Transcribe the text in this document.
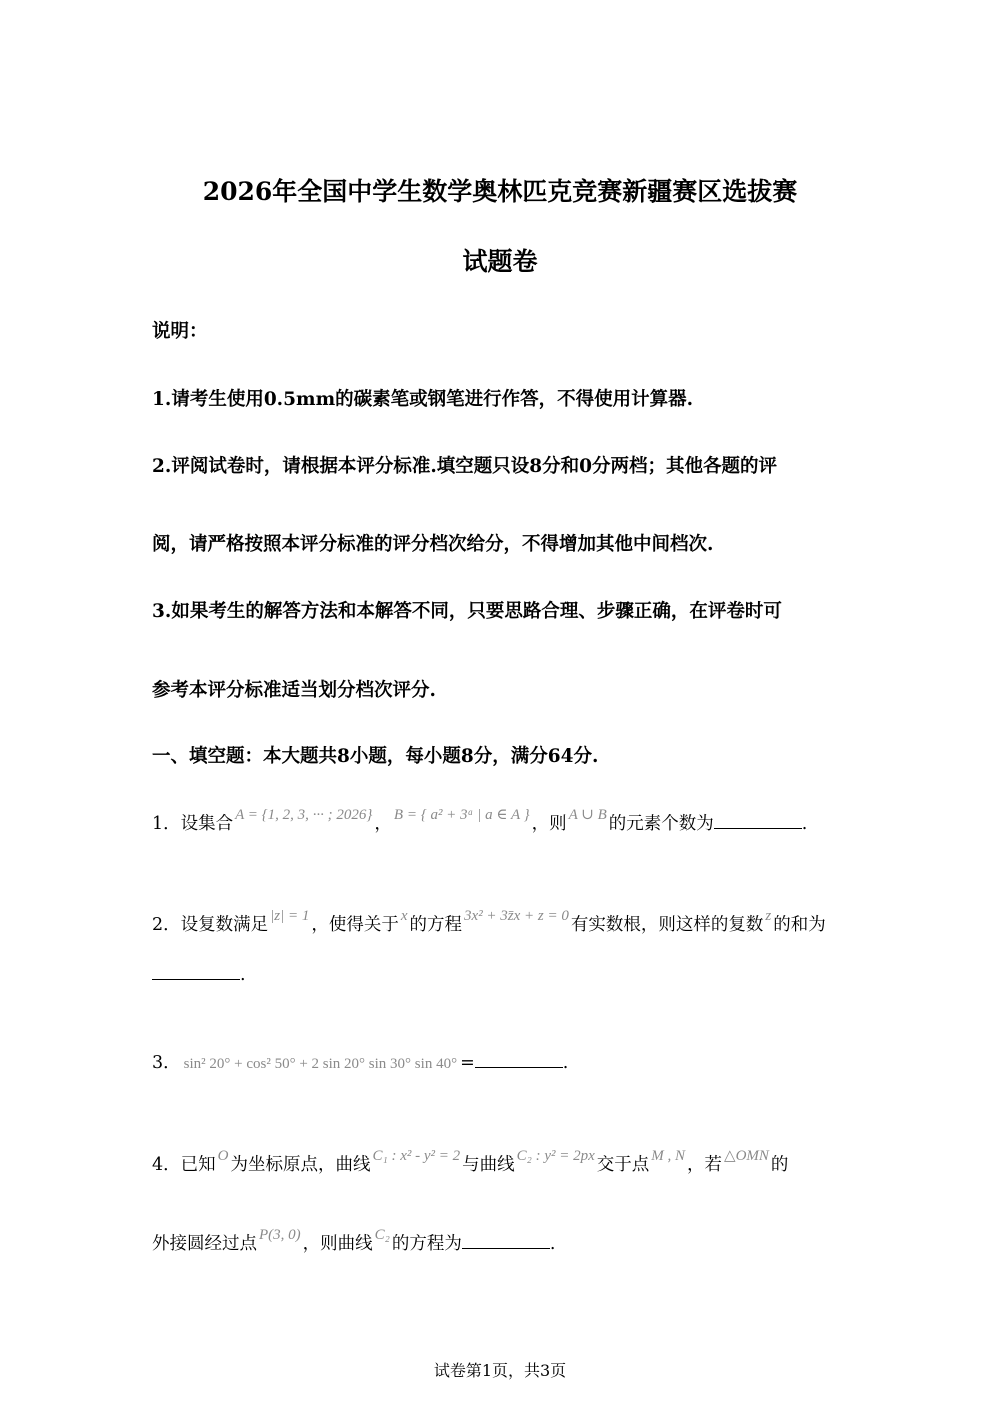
2026年全国中学生数学奥林匹克竞赛新疆赛区选拔赛
试题卷
说明：
1.请考生使用0.5mm的碳素笔或钢笔进行作答，不得使用计算器.
2.评阅试卷时，请根据本评分标准.填空题只设8分和0分两档；其他各题的评
阅，请严格按照本评分标准的评分档次给分，不得增加其他中间档次.
3.如果考生的解答方法和本解答不同，只要思路合理、步骤正确，在评卷时可
参考本评分标准适当划分档次评分.
一、填空题：本大题共8小题，每小题8分，满分64分.
1．设集合 A = {1, 2, 3, ··· ; 2026} ， B = { a² + 3ᵃ | a ∈ A } ，则 A ∪ B 的元素个数为	.
2．设复数满足 |z| = 1 ，使得关于 x 的方程 3x² + 3z̄x + z = 0 有实数根，则这样的复数 z 的和为
.
3． sin² 20° + cos² 50° + 2 sin 20° sin 30° sin 40° =	.
4．已知 O 为坐标原点，曲线 C₁ : x² - y² = 2 与曲线 C₂ : y² = 2px 交于点 M , N ，若 △OMN 的
外接圆经过点 P(3, 0) ，则曲线 C₂ 的方程为	.
试卷第1页，共3页
